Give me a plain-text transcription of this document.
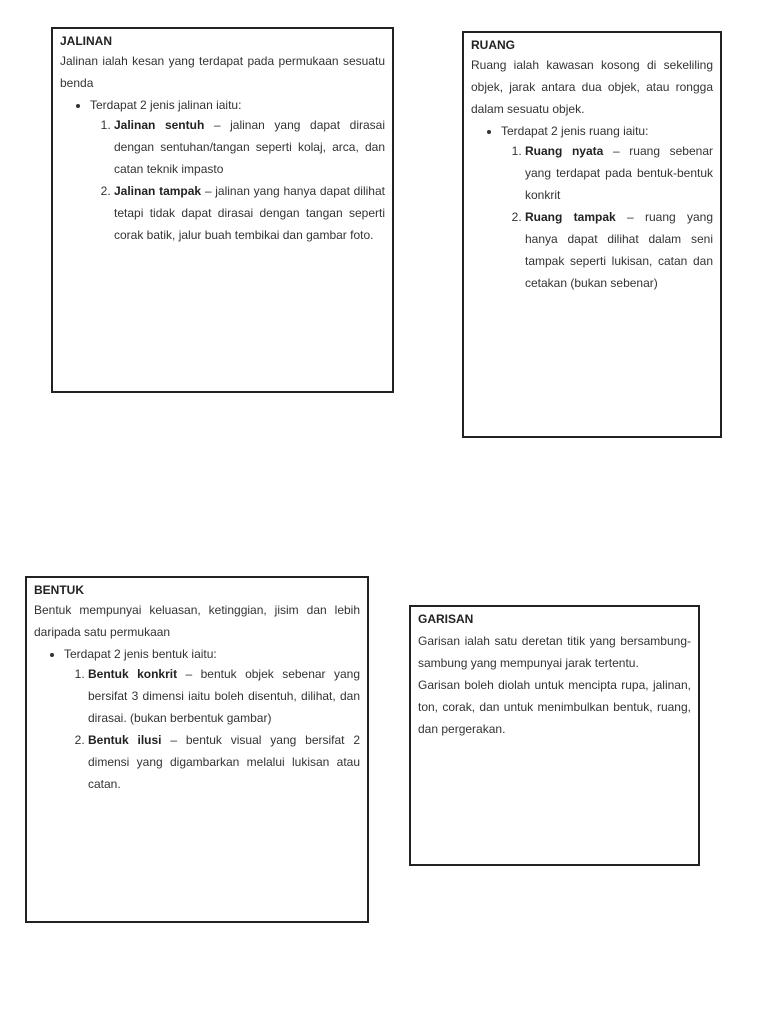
JALINAN

Jalinan ialah kesan yang terdapat pada permukaan sesuatu benda

• Terdapat 2 jenis jalinan iaitu:
1. Jalinan sentuh – jalinan yang dapat dirasai dengan sentuhan/tangan seperti kolaj, arca, dan catan teknik impasto
2. Jalinan tampak – jalinan yang hanya dapat dilihat tetapi tidak dapat dirasai dengan tangan seperti corak batik, jalur buah tembikai dan gambar foto.
RUANG

Ruang ialah kawasan kosong di sekeliling objek, jarak antara dua objek, atau rongga dalam sesuatu objek.

• Terdapat 2 jenis ruang iaitu:
1. Ruang nyata – ruang sebenar yang terdapat pada bentuk-bentuk konkrit
2. Ruang tampak – ruang yang hanya dapat dilihat dalam seni tampak seperti lukisan, catan dan cetakan (bukan sebenar)
BENTUK

Bentuk mempunyai keluasan, ketinggian, jisim dan lebih daripada satu permukaan

• Terdapat 2 jenis bentuk iaitu:
1. Bentuk konkrit – bentuk objek sebenar yang bersifat 3 dimensi iaitu boleh disentuh, dilihat, dan dirasai. (bukan berbentuk gambar)
2. Bentuk ilusi – bentuk visual yang bersifat 2 dimensi yang digambarkan melalui lukisan atau catan.
GARISAN

Garisan ialah satu deretan titik yang bersambung-sambung yang mempunyai jarak tertentu.

Garisan boleh diolah untuk mencipta rupa, jalinan, ton, corak, dan untuk menimbulkan bentuk, ruang, dan pergerakan.
